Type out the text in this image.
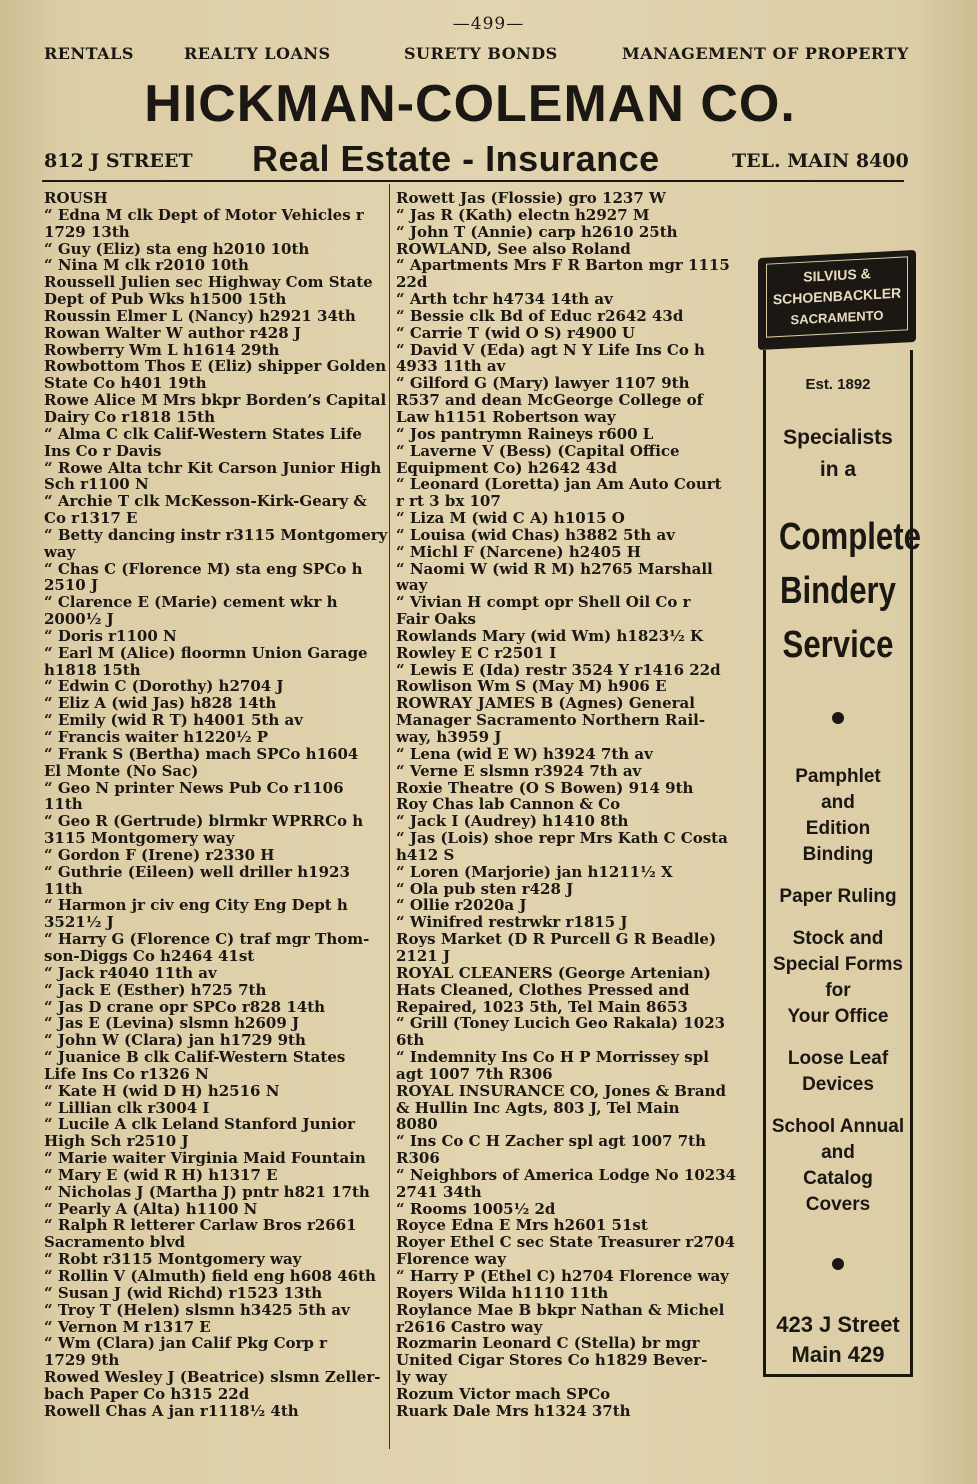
—499—
RENTALS	REALTY LOANS	SURETY BONDS	MANAGEMENT OF PROPERTY
HICKMAN-COLEMAN CO.
812 J STREET Real Estate - Insurance	TEL. MAIN 8400
ROUSH
“ Edna M clk Dept of Motor Vehicles r
1729 13th
“ Guy (Eliz) sta eng h2010 10th
“ Nina M clk r2010 10th
Roussell Julien sec Highway Com State
Dept of Pub Wks h1500 15th
Roussin Elmer L (Nancy) h2921 34th
Rowan Walter W author r428 J
Rowberry Wm L h1614 29th
Rowbottom Thos E (Eliz) shipper Golden
State Co h401 19th
Rowe Alice M Mrs bkpr Borden’s Capital
Dairy Co r1818 15th
“ Alma C clk Calif-Western States Life
Ins Co r Davis
“ Rowe Alta tchr Kit Carson Junior High
Sch r1100 N
“ Archie T clk McKesson-Kirk-Geary &
Co r1317 E
“ Betty dancing instr r3115 Montgomery
way
“ Chas C (Florence M) sta eng SPCo h
2510 J
“ Clarence E (Marie) cement wkr h
2000½ J
“ Doris r1100 N
“ Earl M (Alice) floormn Union Garage
h1818 15th
“ Edwin C (Dorothy) h2704 J
“ Eliz A (wid Jas) h828 14th
“ Emily (wid R T) h4001 5th av
“ Francis waiter h1220½ P
“ Frank S (Bertha) mach SPCo h1604
El Monte (No Sac)
“ Geo N printer News Pub Co r1106
11th
“ Geo R (Gertrude) blrmkr WPRRCo h
3115 Montgomery way
“ Gordon F (Irene) r2330 H
“ Guthrie (Eileen) well driller h1923
11th
“ Harmon jr civ eng City Eng Dept h
3521½ J
“ Harry G (Florence C) traf mgr Thom-
son-Diggs Co h2464 41st
“ Jack r4040 11th av
“ Jack E (Esther) h725 7th
“ Jas D crane opr SPCo r828 14th
“ Jas E (Levina) slsmn h2609 J
“ John W (Clara) jan h1729 9th
“ Juanice B clk Calif-Western States
Life Ins Co r1326 N
“ Kate H (wid D H) h2516 N
“ Lillian clk r3004 I
“ Lucile A clk Leland Stanford Junior
High Sch r2510 J
“ Marie waiter Virginia Maid Fountain
“ Mary E (wid R H) h1317 E
“ Nicholas J (Martha J) pntr h821 17th
“ Pearly A (Alta) h1100 N
“ Ralph R letterer Carlaw Bros r2661
Sacramento blvd
“ Robt r3115 Montgomery way
“ Rollin V (Almuth) field eng h608 46th
“ Susan J (wid Richd) r1523 13th
“ Troy T (Helen) slsmn h3425 5th av
“ Vernon M r1317 E
“ Wm (Clara) jan Calif Pkg Corp r
1729 9th
Rowed Wesley J (Beatrice) slsmn Zeller-
bach Paper Co h315 22d
Rowell Chas A jan r1118½ 4th
Rowett Jas (Flossie) gro 1237 W
“ Jas R (Kath) electn h2927 M
“ John T (Annie) carp h2610 25th
ROWLAND, See also Roland
“ Apartments Mrs F R Barton mgr 1115
22d
“ Arth tchr h4734 14th av
“ Bessie clk Bd of Educ r2642 43d
“ Carrie T (wid O S) r4900 U
“ David V (Eda) agt N Y Life Ins Co h
4933 11th av
“ Gilford G (Mary) lawyer 1107 9th
R537 and dean McGeorge College of
Law h1151 Robertson way
“ Jos pantrymn Raineys r600 L
“ Laverne V (Bess) (Capital Office
Equipment Co) h2642 43d
“ Leonard (Loretta) jan Am Auto Court
r rt 3 bx 107
“ Liza M (wid C A) h1015 O
“ Louisa (wid Chas) h3882 5th av
“ Michl F (Narcene) h2405 H
“ Naomi W (wid R M) h2765 Marshall
way
“ Vivian H compt opr Shell Oil Co r
Fair Oaks
Rowlands Mary (wid Wm) h1823½ K
Rowley E C r2501 I
“ Lewis E (Ida) restr 3524 Y r1416 22d
Rowlison Wm S (May M) h906 E
ROWRAY JAMES B (Agnes) General
Manager Sacramento Northern Rail-
way, h3959 J
“ Lena (wid E W) h3924 7th av
“ Verne E slsmn r3924 7th av
Roxie Theatre (O S Bowen) 914 9th
Roy Chas lab Cannon & Co
“ Jack I (Audrey) h1410 8th
“ Jas (Lois) shoe repr Mrs Kath C Costa
h412 S
“ Loren (Marjorie) jan h1211½ X
“ Ola pub sten r428 J
“ Ollie r2020a J
“ Winifred restrwkr r1815 J
Roys Market (D R Purcell G R Beadle)
2121 J
ROYAL CLEANERS (George Artenian)
Hats Cleaned, Clothes Pressed and
Repaired, 1023 5th, Tel Main 8653
“ Grill (Toney Lucich Geo Rakala) 1023
6th
“ Indemnity Ins Co H P Morrissey spl
agt 1007 7th R306
ROYAL INSURANCE CO, Jones & Brand
& Hullin Inc Agts, 803 J, Tel Main
8080
“ Ins Co C H Zacher spl agt 1007 7th
R306
“ Neighbors of America Lodge No 10234
2741 34th
“ Rooms 1005½ 2d
Royce Edna E Mrs h2601 51st
Royer Ethel C sec State Treasurer r2704
Florence way
“ Harry P (Ethel C) h2704 Florence way
Royers Wilda h1110 11th
Roylance Mae B bkpr Nathan & Michel
r2616 Castro way
Rozmarin Leonard C (Stella) br mgr
United Cigar Stores Co h1829 Bever-
ly way
Rozum Victor mach SPCo
Ruark Dale Mrs h1324 37th
SILVIUS &
SCHOENBACKLER
SACRAMENTO
Est. 1892
Specialists
in a
Complete
Bindery
Service
Pamphlet
and
Edition
Binding
Paper Ruling
Stock and
Special Forms
for
Your Office
Loose Leaf
Devices
School Annual
and
Catalog
Covers
423 J Street
Main 429
